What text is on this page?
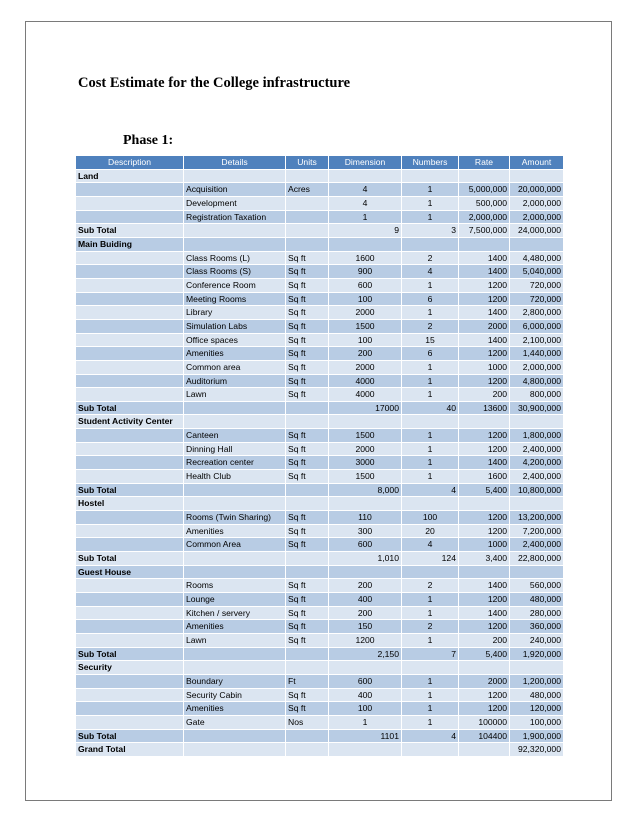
Cost Estimate for the College infrastructure
Phase 1:
Description	Details	Units	Dimension	Numbers	Rate	Amount
Land						
	Acquisition	Acres	4	1	5,000,000	20,000,000
	Development		4	1	500,000	2,000,000
	Registration Taxation		1	1	2,000,000	2,000,000
Sub Total			9	3	7,500,000	24,000,000
Main Buiding						
	Class Rooms (L)	Sq ft	1600	2	1400	4,480,000
	Class Rooms (S)	Sq ft	900	4	1400	5,040,000
	Conference Room	Sq ft	600	1	1200	720,000
	Meeting Rooms	Sq ft	100	6	1200	720,000
	Library	Sq ft	2000	1	1400	2,800,000
	Simulation Labs	Sq ft	1500	2	2000	6,000,000
	Office spaces	Sq ft	100	15	1400	2,100,000
	Amenities	Sq ft	200	6	1200	1,440,000
	Common area	Sq ft	2000	1	1000	2,000,000
	Auditorium	Sq ft	4000	1	1200	4,800,000
	Lawn	Sq ft	4000	1	200	800,000
Sub Total			17000	40	13600	30,900,000
Student Activity Center						
	Canteen	Sq ft	1500	1	1200	1,800,000
	Dinning Hall	Sq ft	2000	1	1200	2,400,000
	Recreation center	Sq ft	3000	1	1400	4,200,000
	Health Club	Sq ft	1500	1	1600	2,400,000
Sub Total			8,000	4	5,400	10,800,000
Hostel						
	Rooms (Twin Sharing)	Sq ft	110	100	1200	13,200,000
	Amenities	Sq ft	300	20	1200	7,200,000
	Common Area	Sq ft	600	4	1000	2,400,000
Sub Total			1,010	124	3,400	22,800,000
Guest House						
	Rooms	Sq ft	200	2	1400	560,000
	Lounge	Sq ft	400	1	1200	480,000
	Kitchen / servery	Sq ft	200	1	1400	280,000
	Amenities	Sq ft	150	2	1200	360,000
	Lawn	Sq ft	1200	1	200	240,000
Sub Total			2,150	7	5,400	1,920,000
Security						
	Boundary	Ft	600	1	2000	1,200,000
	Security Cabin	Sq ft	400	1	1200	480,000
	Amenities	Sq ft	100	1	1200	120,000
	Gate	Nos	1	1	100000	100,000
Sub Total			1101	4	104400	1,900,000
Grand Total						92,320,000
